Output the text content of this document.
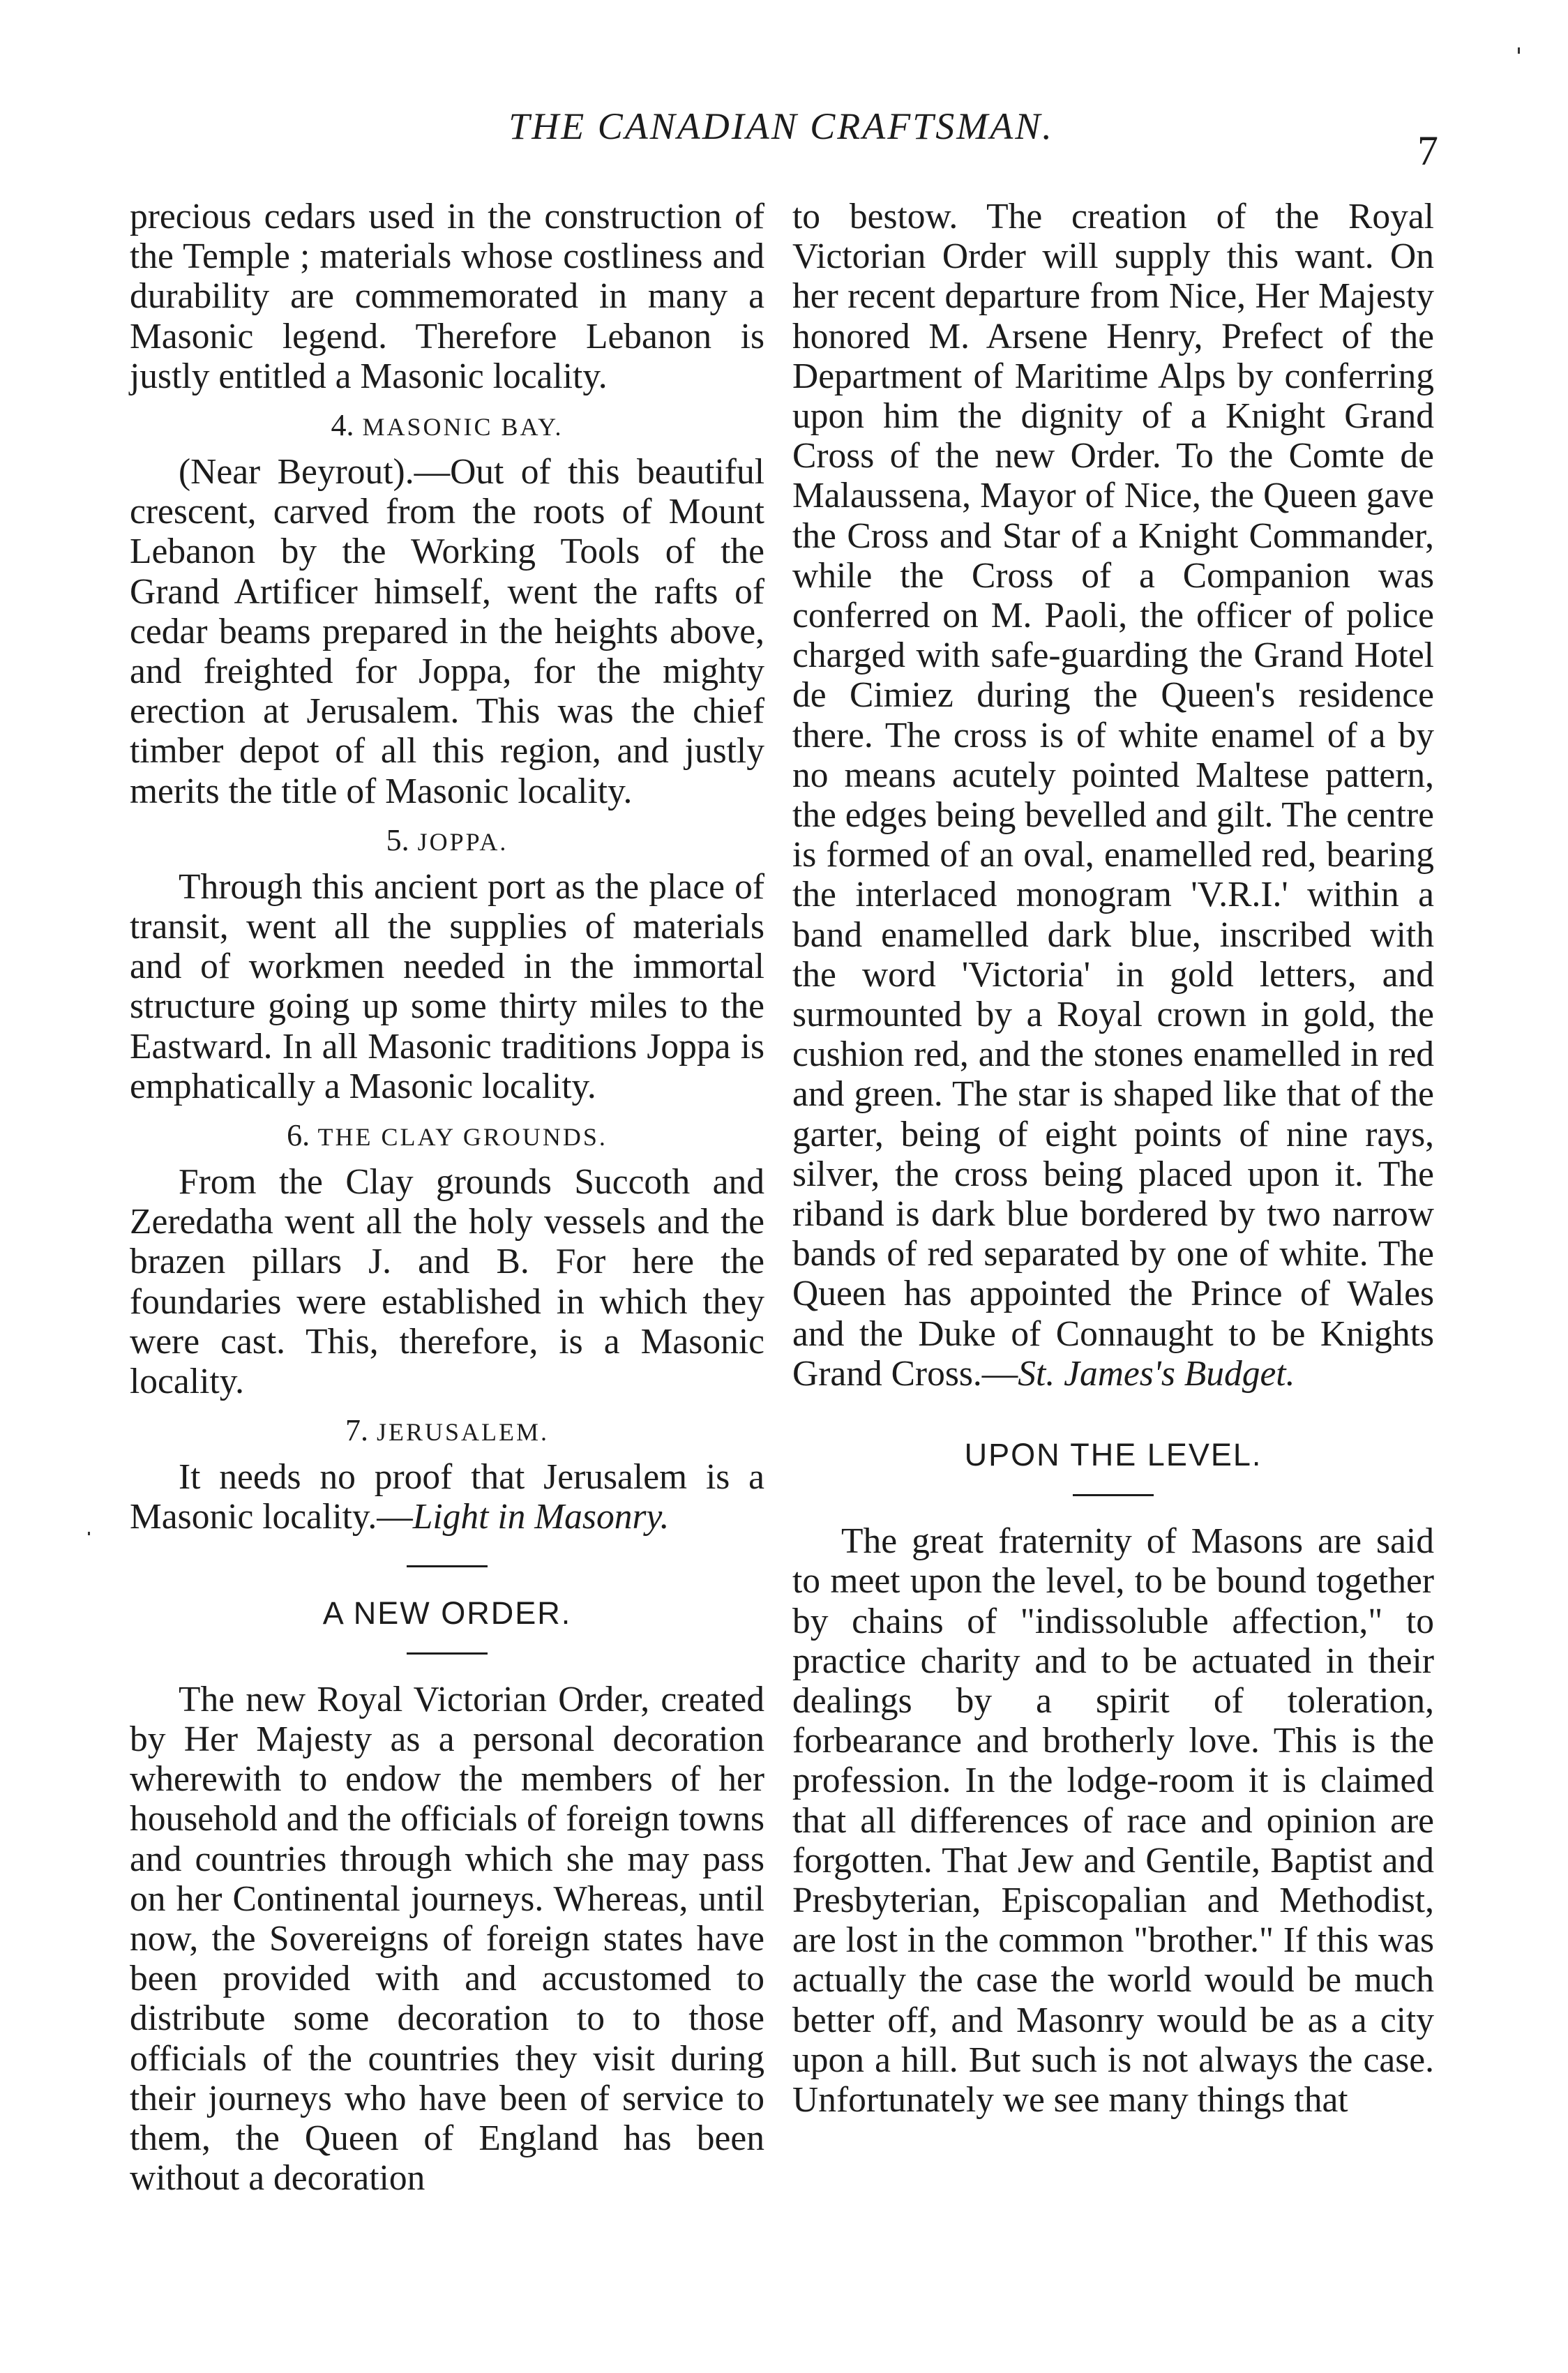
THE CANADIAN CRAFTSMAN.
7

precious cedars used in the construction of the Temple ; materials whose costliness and durability are commemorated in many a Masonic legend. Therefore Lebanon is justly entitled a Masonic locality.

4. MASONIC BAY.

(Near Beyrout).—Out of this beautiful crescent, carved from the roots of Mount Lebanon by the Working Tools of the Grand Artificer himself, went the rafts of cedar beams prepared in the heights above, and freighted for Joppa, for the mighty erection at Jerusalem. This was the chief timber depot of all this region, and justly merits the title of Masonic locality.

5. JOPPA.

Through this ancient port as the place of transit, went all the supplies of materials and of workmen needed in the immortal structure going up some thirty miles to the Eastward. In all Masonic traditions Joppa is emphatically a Masonic locality.

6. THE CLAY GROUNDS.

From the Clay grounds Succoth and Zeredatha went all the holy vessels and the brazen pillars J. and B. For here the foundaries were established in which they were cast. This, therefore, is a Masonic locality.

7. JERUSALEM.

It needs no proof that Jerusalem is a Masonic locality.—Light in Masonry.

A NEW ORDER.

The new Royal Victorian Order, created by Her Majesty as a personal decoration wherewith to endow the members of her household and the officials of foreign towns and countries through which she may pass on her Continental journeys. Whereas, until now, the Sovereigns of foreign states have been provided with and accustomed to distribute some decoration to to those officials of the countries they visit during their journeys who have been of service to them, the Queen of England has been without a decoration

to bestow. The creation of the Royal Victorian Order will supply this want. On her recent departure from Nice, Her Majesty honored M. Arsene Henry, Prefect of the Department of Maritime Alps by conferring upon him the dignity of a Knight Grand Cross of the new Order. To the Comte de Malaussena, Mayor of Nice, the Queen gave the Cross and Star of a Knight Commander, while the Cross of a Companion was conferred on M. Paoli, the officer of police charged with safe-guarding the Grand Hotel de Cimiez during the Queen's residence there. The cross is of white enamel of a by no means acutely pointed Maltese pattern, the edges being bevelled and gilt. The centre is formed of an oval, enamelled red, bearing the interlaced monogram 'V.R.I.' within a band enamelled dark blue, inscribed with the word 'Victoria' in gold letters, and surmounted by a Royal crown in gold, the cushion red, and the stones enamelled in red and green. The star is shaped like that of the garter, being of eight points of nine rays, silver, the cross being placed upon it. The riband is dark blue bordered by two narrow bands of red separated by one of white. The Queen has appointed the Prince of Wales and the Duke of Connaught to be Knights Grand Cross.—St. James's Budget.

UPON THE LEVEL.

The great fraternity of Masons are said to meet upon the level, to be bound together by chains of "indissoluble affection," to practice charity and to be actuated in their dealings by a spirit of toleration, forbearance and brotherly love. This is the profession. In the lodge-room it is claimed that all differences of race and opinion are forgotten. That Jew and Gentile, Baptist and Presbyterian, Episcopalian and Methodist, are lost in the common "brother." If this was actually the case the world would be much better off, and Masonry would be as a city upon a hill. But such is not always the case. Unfortunately we see many things that
